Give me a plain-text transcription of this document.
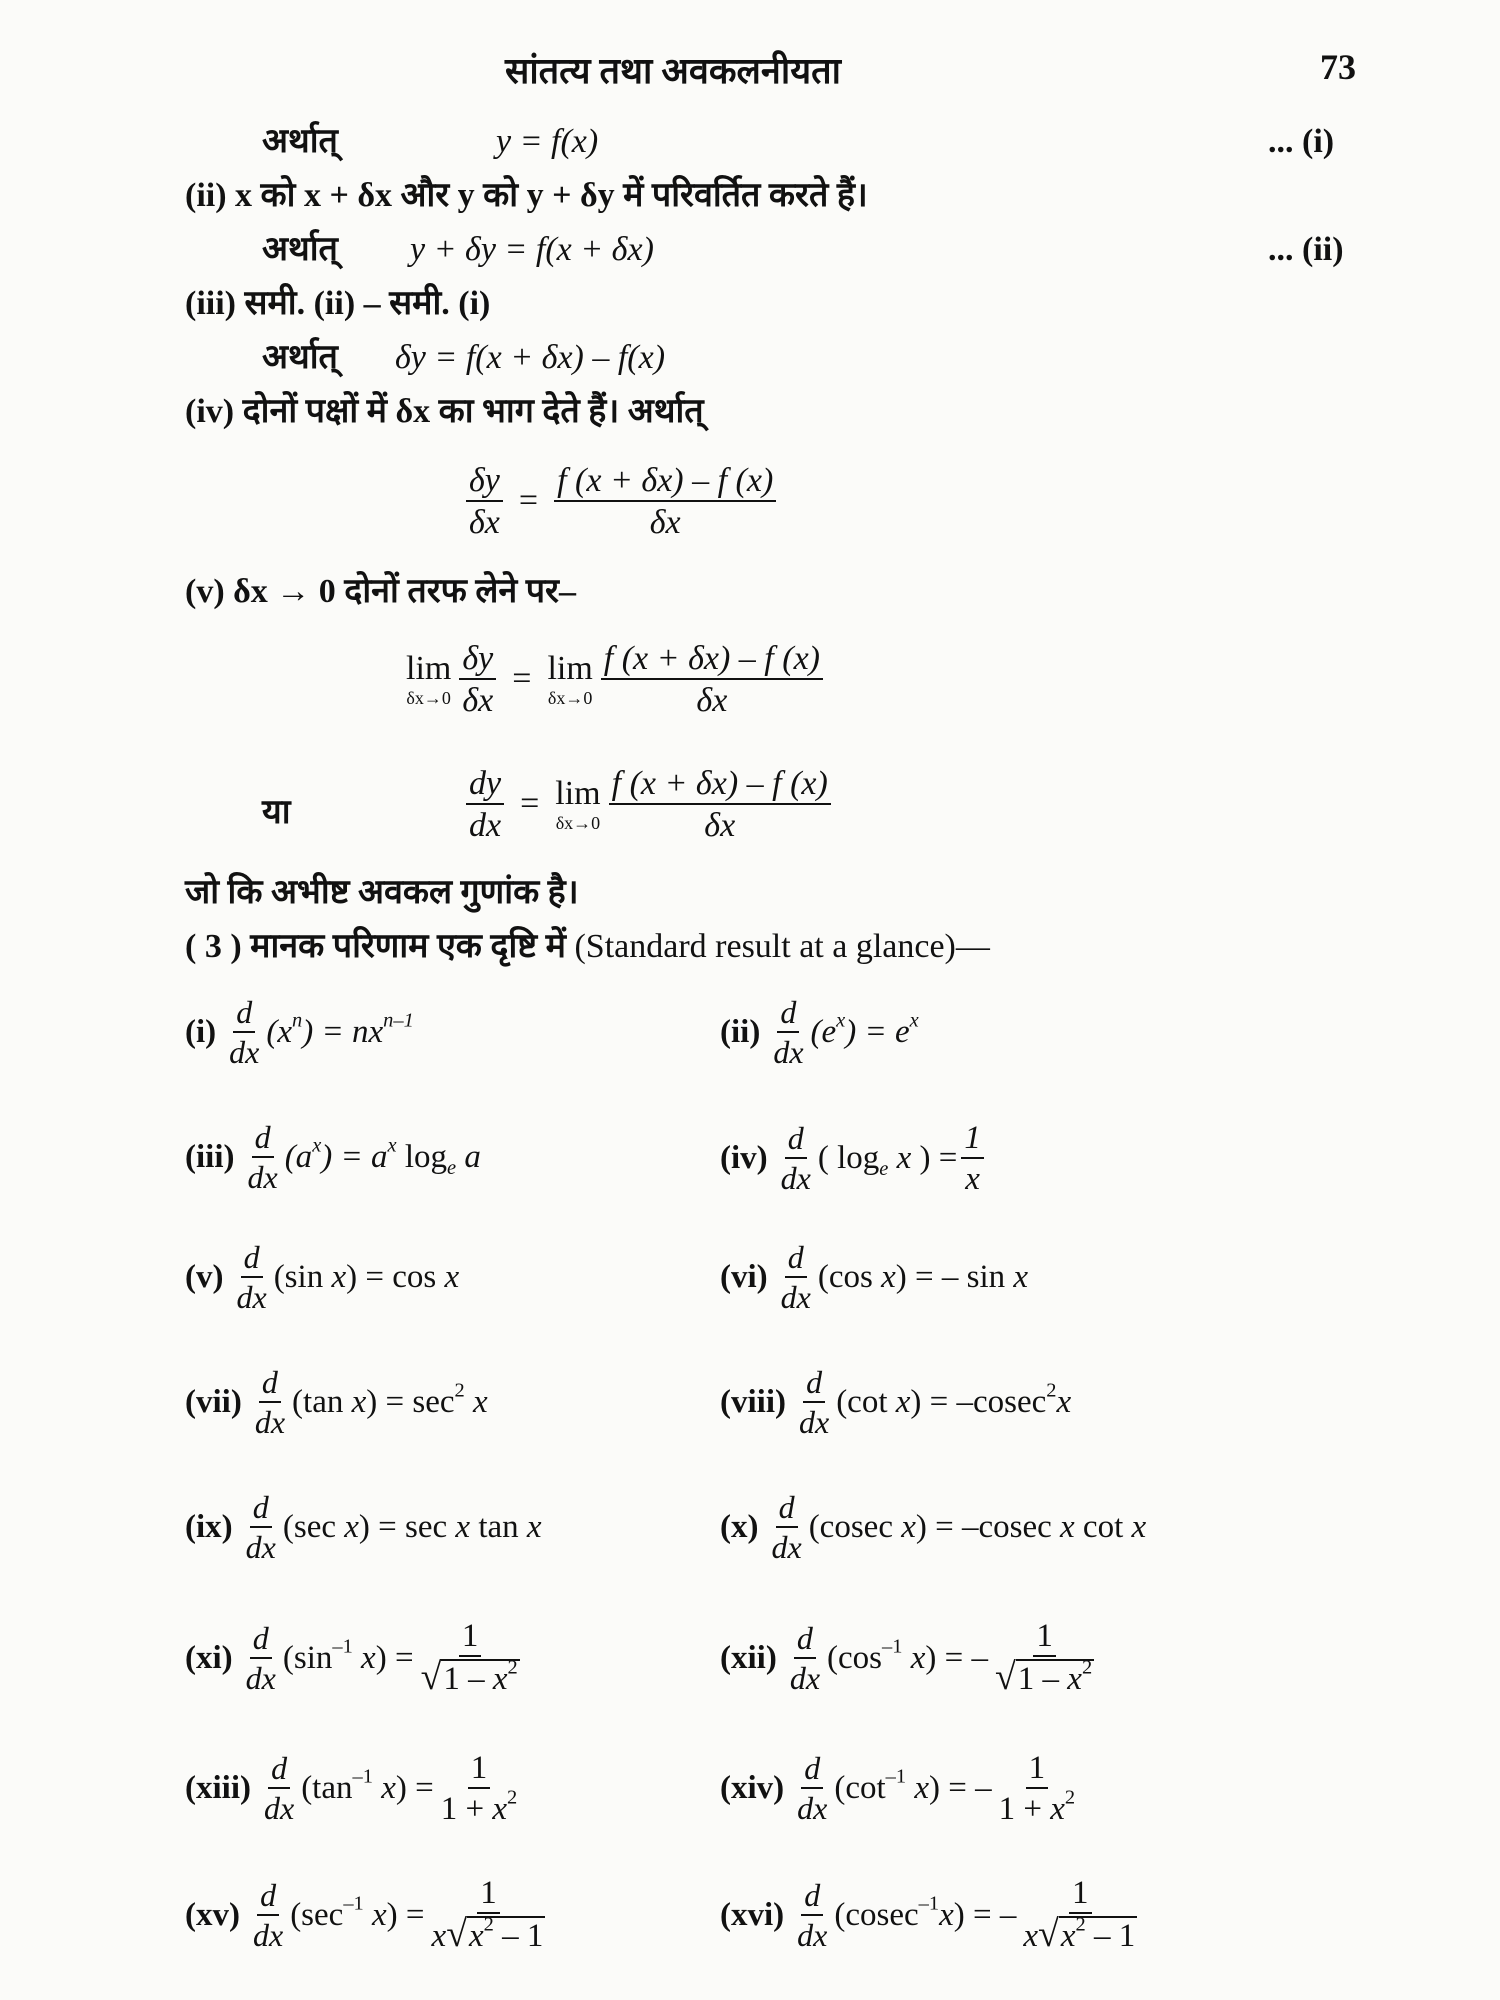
सांतत्य तथा अवकलनीयता	73
अर्थात्	y = f(x)	... (i)
(ii) x को x + δx और y को y + δy में परिवर्तित करते हैं।
अर्थात् y + δy = f(x + δx)	... (ii)
(iii) समी. (ii) – समी. (i)
अर्थात् δy = f(x + δx) – f(x)
(iv) दोनों पक्षों में δx का भाग देते हैं। अर्थात्
$\frac{\delta y}{\delta x} = \frac{f (x + \delta x) - f (x)}{\delta x}$
(v) δx → 0 दोनों तरफ लेने पर–
lim
$\delta x\to 0 \frac{\delta y}{\delta x} = \lim$
$\delta x\to 0 \frac{f (x + \delta x) - f (x)}{\delta x}$
या	$\frac{dy}{dx} = \lim$
$\delta x\to 0 \frac{f (x + \delta x) - f (x)}{\delta x}$
जो कि अभीष्ट अवकल गुणांक है।
( 3 ) मानक परिणाम एक दृष्टि में (Standard result at a glance)—
$(i) \frac{d}{dx} (x^n) = nx^{n-1}$	$(ii) \frac{d}{dx} (e^x) = e^x$
$(iii) \frac{d}{dx} (a^x) = a^x$ $\log_e a$	$(iv) \frac{d}{dx}$ ( $\log_e x$ ) = $\frac{1}{x}$
$(v) \frac{d}{dx} (\sin$ x) = cos x	$(vi) \frac{d}{dx} (\cos$ x) = – sin x
$(vii) \frac{d}{dx} (\tan$ $x) = \sec^2 x$	(viii) $\frac{d}{dx} (\cot$ x) = –cosec$^2$x
$(ix) \frac{d}{dx} (\sec$ x) = sec x tan x	$(x) \frac{d}{dx} (cosec$ x) = –cosec x cot x
$(xi) \frac{d}{dx} (\sin^{-1}$ $x) = \frac{1}{√ 1 - x^2}$	$(xii) \frac{d}{dx} (\cos^{-1}$ x) = – $\frac{1}{√ 1 - x^2}$
(xiii) $\frac{d}{dx} (\tan^{-1}$ $x) = \frac{1}{1 + x^2}$	$(xiv) \frac{d}{dx} (\cot^{-1}$ x) = – $\frac{1}{1 + x^2}$
$(xv) \frac{d}{dx} (\sec^{-1}$ $x) = \frac{1}{x √ x^2 - 1}$	$(xvi) \frac{d}{dx} (cosec^{-1}x)$ = – $\frac{1}{x √ x^2 - 1}$
